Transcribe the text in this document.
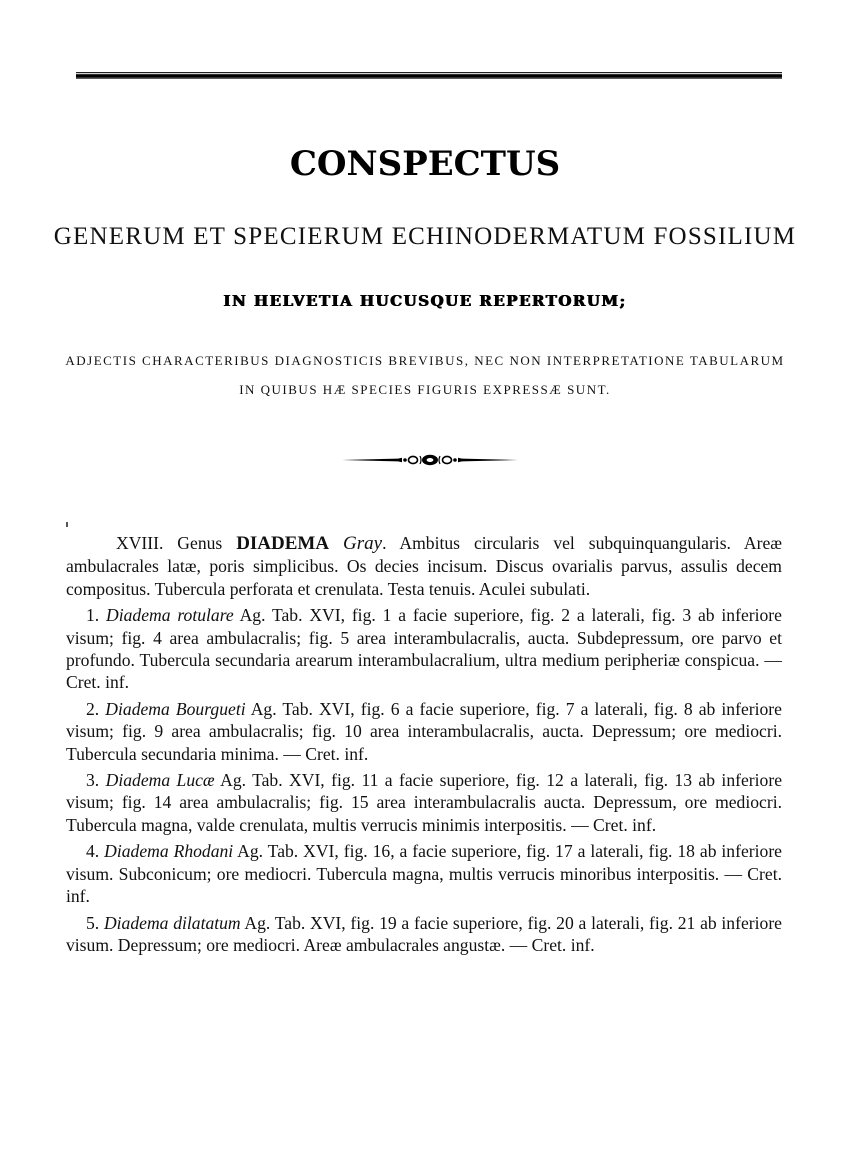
CONSPECTUS
GENERUM ET SPECIERUM ECHINODERMATUM FOSSILIUM
IN HELVETIA HUCUSQUE REPERTORUM;
ADJECTIS CHARACTERIBUS DIAGNOSTICIS BREVIBUS, NEC NON INTERPRETATIONE TABULARUM
IN QUIBUS HÆ SPECIES FIGURIS EXPRESSÆ SUNT.

XVIII. Genus DIADEMA Gray. Ambitus circularis vel subquinquangularis. Areæ ambulacrales latæ, poris simplicibus. Os decies incisum. Discus ovarialis parvus, assulis decem compositus. Tubercula perforata et crenulata. Testa tenuis. Aculei subulati.

1. Diadema rotulare Ag. Tab. XVI, fig. 1 a facie superiore, fig. 2 a laterali, fig. 3 ab inferiore visum; fig. 4 area ambulacralis; fig. 5 area interambulacralis, aucta. Subdepressum, ore parvo et profundo. Tubercula secundaria arearum interambulacralium, ultra medium peripheriæ conspicua. — Cret. inf.

2. Diadema Bourgueti Ag. Tab. XVI, fig. 6 a facie superiore, fig. 7 a laterali, fig. 8 ab inferiore visum; fig. 9 area ambulacralis; fig. 10 area interambulacralis, aucta. Depressum; ore mediocri. Tubercula secundaria minima. — Cret. inf.

3. Diadema Lucæ Ag. Tab. XVI, fig. 11 a facie superiore, fig. 12 a laterali, fig. 13 ab inferiore visum; fig. 14 area ambulacralis; fig. 15 area interambulacralis aucta. Depressum, ore mediocri. Tubercula magna, valde crenulata, multis verrucis minimis interpositis. — Cret. inf.

4. Diadema Rhodani Ag. Tab. XVI, fig. 16, a facie superiore, fig. 17 a laterali, fig. 18 ab inferiore visum. Subconicum; ore mediocri. Tubercula magna, multis verrucis minoribus interpositis. — Cret. inf.

5. Diadema dilatatum Ag. Tab. XVI, fig. 19 a facie superiore, fig. 20 a laterali, fig. 21 ab inferiore visum. Depressum; ore mediocri. Areæ ambulacrales angustæ. — Cret. inf.
